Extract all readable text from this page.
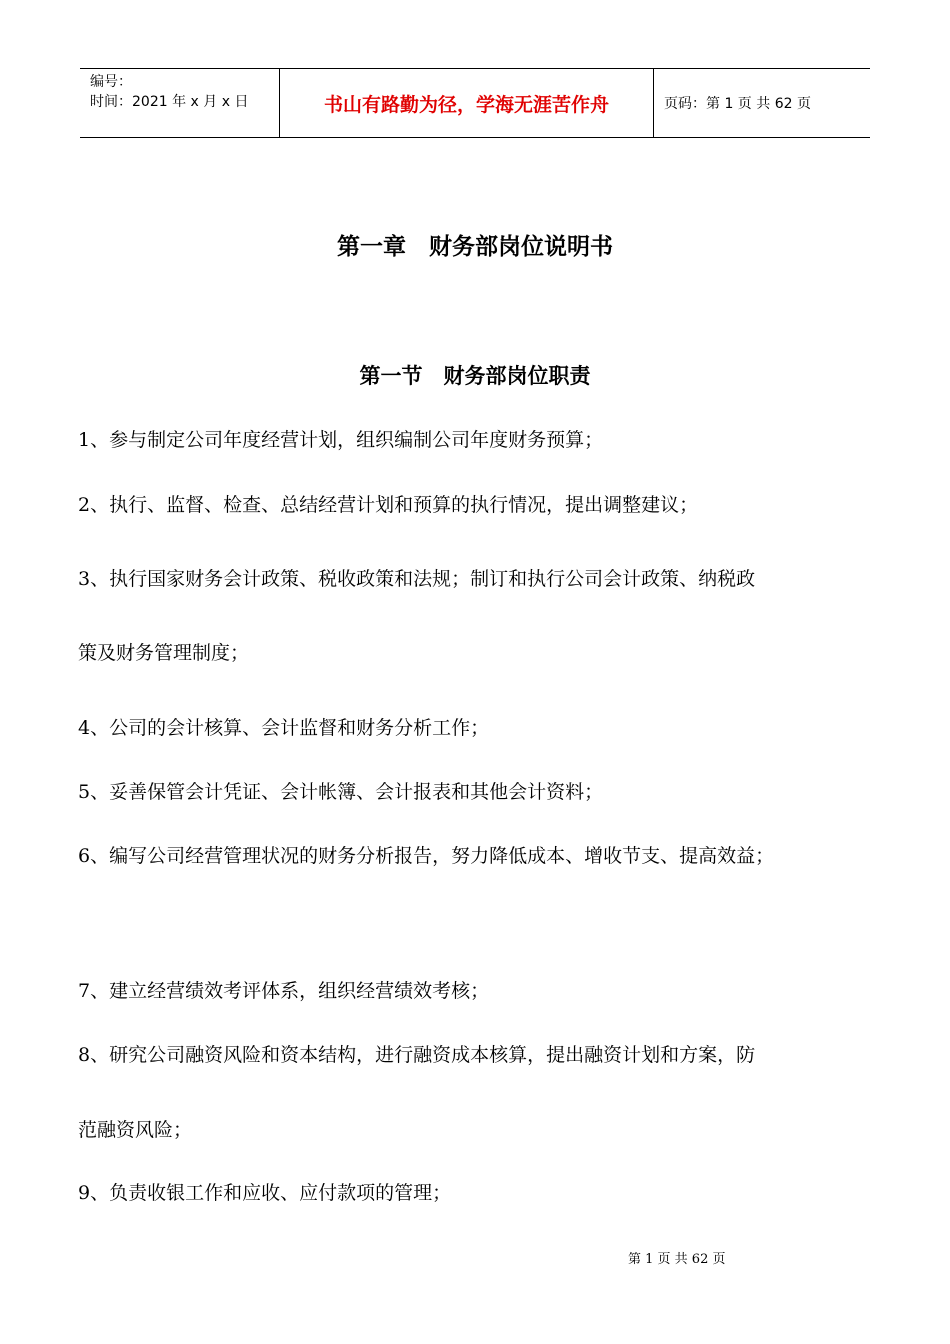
编号：
时间：2021 年 x 月 x 日	书山有路勤为径，学海无涯苦作舟	页码：第 1 页 共 62 页
第一章　财务部岗位说明书
第一节　财务部岗位职责
1、参与制定公司年度经营计划，组织编制公司年度财务预算；
2、执行、监督、检查、总结经营计划和预算的执行情况，提出调整建议；
3、执行国家财务会计政策、税收政策和法规；制订和执行公司会计政策、纳税政
策及财务管理制度；
4、公司的会计核算、会计监督和财务分析工作；
5、妥善保管会计凭证、会计帐簿、会计报表和其他会计资料；
6、编写公司经营管理状况的财务分析报告，努力降低成本、增收节支、提高效益；
7、建立经营绩效考评体系，组织经营绩效考核；
8、研究公司融资风险和资本结构，进行融资成本核算，提出融资计划和方案，防
范融资风险；
9、负责收银工作和应收、应付款项的管理；
第 1 页 共 62 页
